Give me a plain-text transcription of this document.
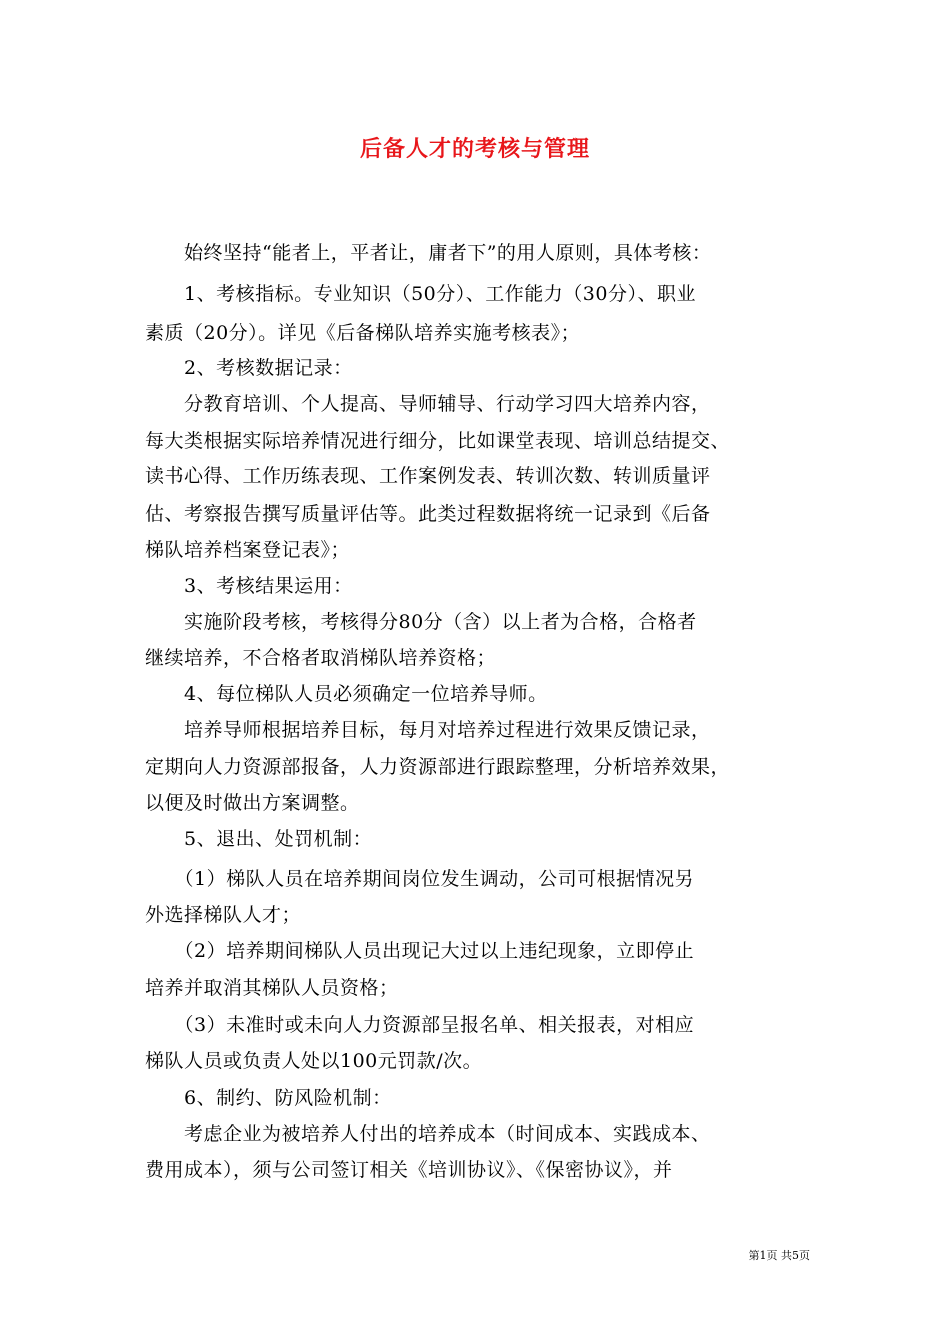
后备人才的考核与管理
　　始终坚持“能者上，平者让，庸者下”的用人原则，具体考核：
　　1、考核指标。专业知识（50分）、工作能力（30分）、职业
素质（20分）。详见《后备梯队培养实施考核表》；
　　2、考核数据记录：
　　分教育培训、个人提高、导师辅导、行动学习四大培养内容，
每大类根据实际培养情况进行细分，比如课堂表现、培训总结提交、
读书心得、工作历练表现、工作案例发表、转训次数、转训质量评
估、考察报告撰写质量评估等。此类过程数据将统一记录到《后备
梯队培养档案登记表》；
　　3、考核结果运用：
　　实施阶段考核，考核得分80分（含）以上者为合格，合格者
继续培养，不合格者取消梯队培养资格；
　　4、每位梯队人员必须确定一位培养导师。
　　培养导师根据培养目标，每月对培养过程进行效果反馈记录，
定期向人力资源部报备，人力资源部进行跟踪整理，分析培养效果，
以便及时做出方案调整。
　　5、退出、处罚机制：
　　（1）梯队人员在培养期间岗位发生调动，公司可根据情况另
外选择梯队人才；
　　（2）培养期间梯队人员出现记大过以上违纪现象，立即停止
培养并取消其梯队人员资格；
　　（3）未准时或未向人力资源部呈报名单、相关报表，对相应
梯队人员或负责人处以100元罚款/次。
　　6、制约、防风险机制：
　　考虑企业为被培养人付出的培养成本（时间成本、实践成本、
费用成本），须与公司签订相关《培训协议》、《保密协议》，并
第1页 共5页
